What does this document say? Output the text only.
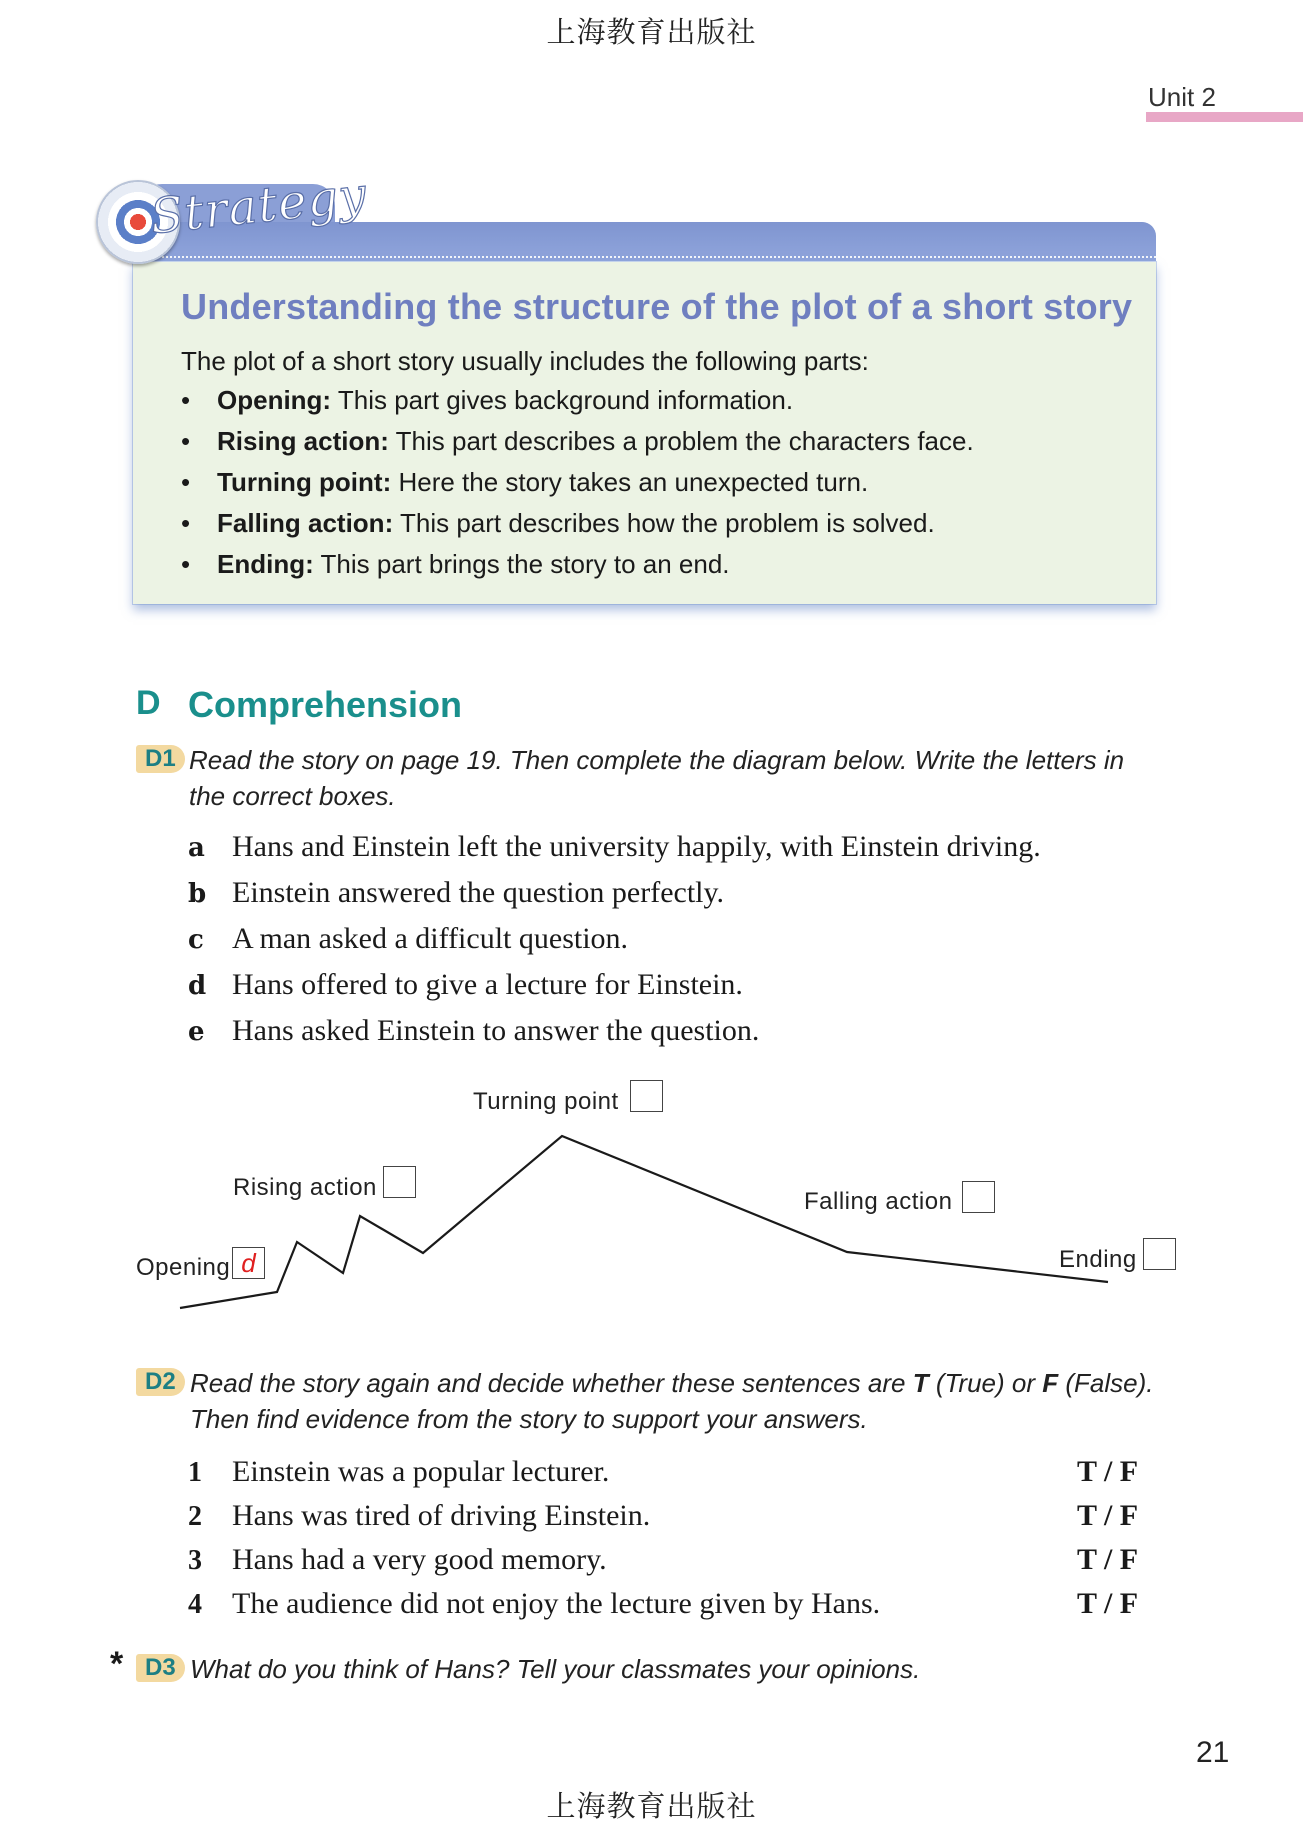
上海教育出版社
Unit 2
Strategy
Understanding the structure of the plot of a short story
The plot of a short story usually includes the following parts:
• Opening: This part gives background information.
• Rising action: This part describes a problem the characters face.
• Turning point: Here the story takes an unexpected turn.
• Falling action: This part describes how the problem is solved.
• Ending: This part brings the story to an end.
D Comprehension
D1 Read the story on page 19. Then complete the diagram below. Write the letters in
the correct boxes.
a Hans and Einstein left the university happily, with Einstein driving.
b Einstein answered the question perfectly.
c A man asked a difficult question.
d Hans offered to give a lecture for Einstein.
e Hans asked Einstein to answer the question.
Opening d
Rising action
Turning point
Falling action
Ending
D2 Read the story again and decide whether these sentences are T (True) or F (False).
Then find evidence from the story to support your answers.
1 Einstein was a popular lecturer.	T / F
2 Hans was tired of driving Einstein.	T / F
3 Hans had a very good memory.	T / F
4 The audience did not enjoy the lecture given by Hans.	T / F
* D3 What do you think of Hans? Tell your classmates your opinions.
21
上海教育出版社
